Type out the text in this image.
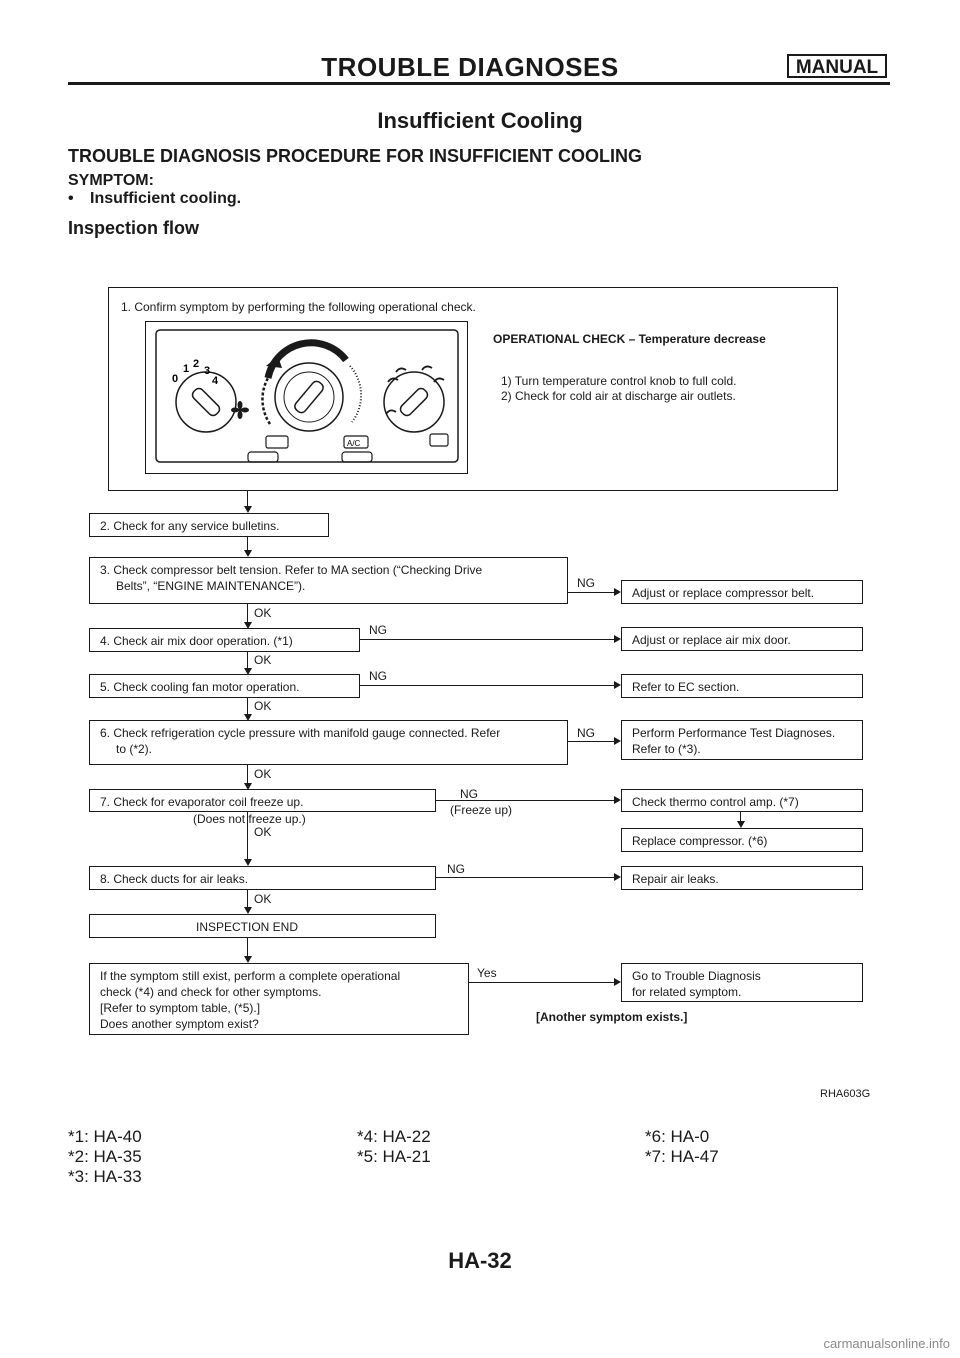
TROUBLE DIAGNOSES	MANUAL
Insufficient Cooling
TROUBLE DIAGNOSIS PROCEDURE FOR INSUFFICIENT COOLING
SYMPTOM:
• Insufficient cooling.
Inspection flow
1. Confirm symptom by performing the following operational check.
0
1 2
3
4
A/C
OPERATIONAL CHECK – Temperature decrease
1) Turn temperature control knob to full cold.
2) Check for cold air at discharge air outlets.
2. Check for any service bulletins.
3. Check compressor belt tension. Refer to MA section (“Checking Drive
Belts”, “ENGINE MAINTENANCE”).	NG
Adjust or replace compressor belt.
OK
4. Check air mix door operation. (*1)
NG
Adjust or replace air mix door.
OK
5. Check cooling fan motor operation.
NG
Refer to EC section.
OK
6. Check refrigeration cycle pressure with manifold gauge connected. Refer
to (*2).
NG	Perform Performance Test Diagnoses.
Refer to (*3).
OK
7. Check for evaporator coil freeze up.
(Does not freeze up.)
NG
(Freeze up)
Check thermo control amp. (*7)
Replace compressor. (*6)
OK
8. Check ducts for air leaks.
NG
Repair air leaks.
OK
INSPECTION END
If the symptom still exist, perform a complete operational
check (*4) and check for other symptoms.
[Refer to symptom table, (*5).]
Does another symptom exist?
Yes	Go to Trouble Diagnosis
for related symptom.
[Another symptom exists.]
RHA603G
*1: HA-40	*4: HA-22	*6: HA-0
*2: HA-35	*5: HA-21	*7: HA-47
*3: HA-33
HA-32
carmanualsonline.info
